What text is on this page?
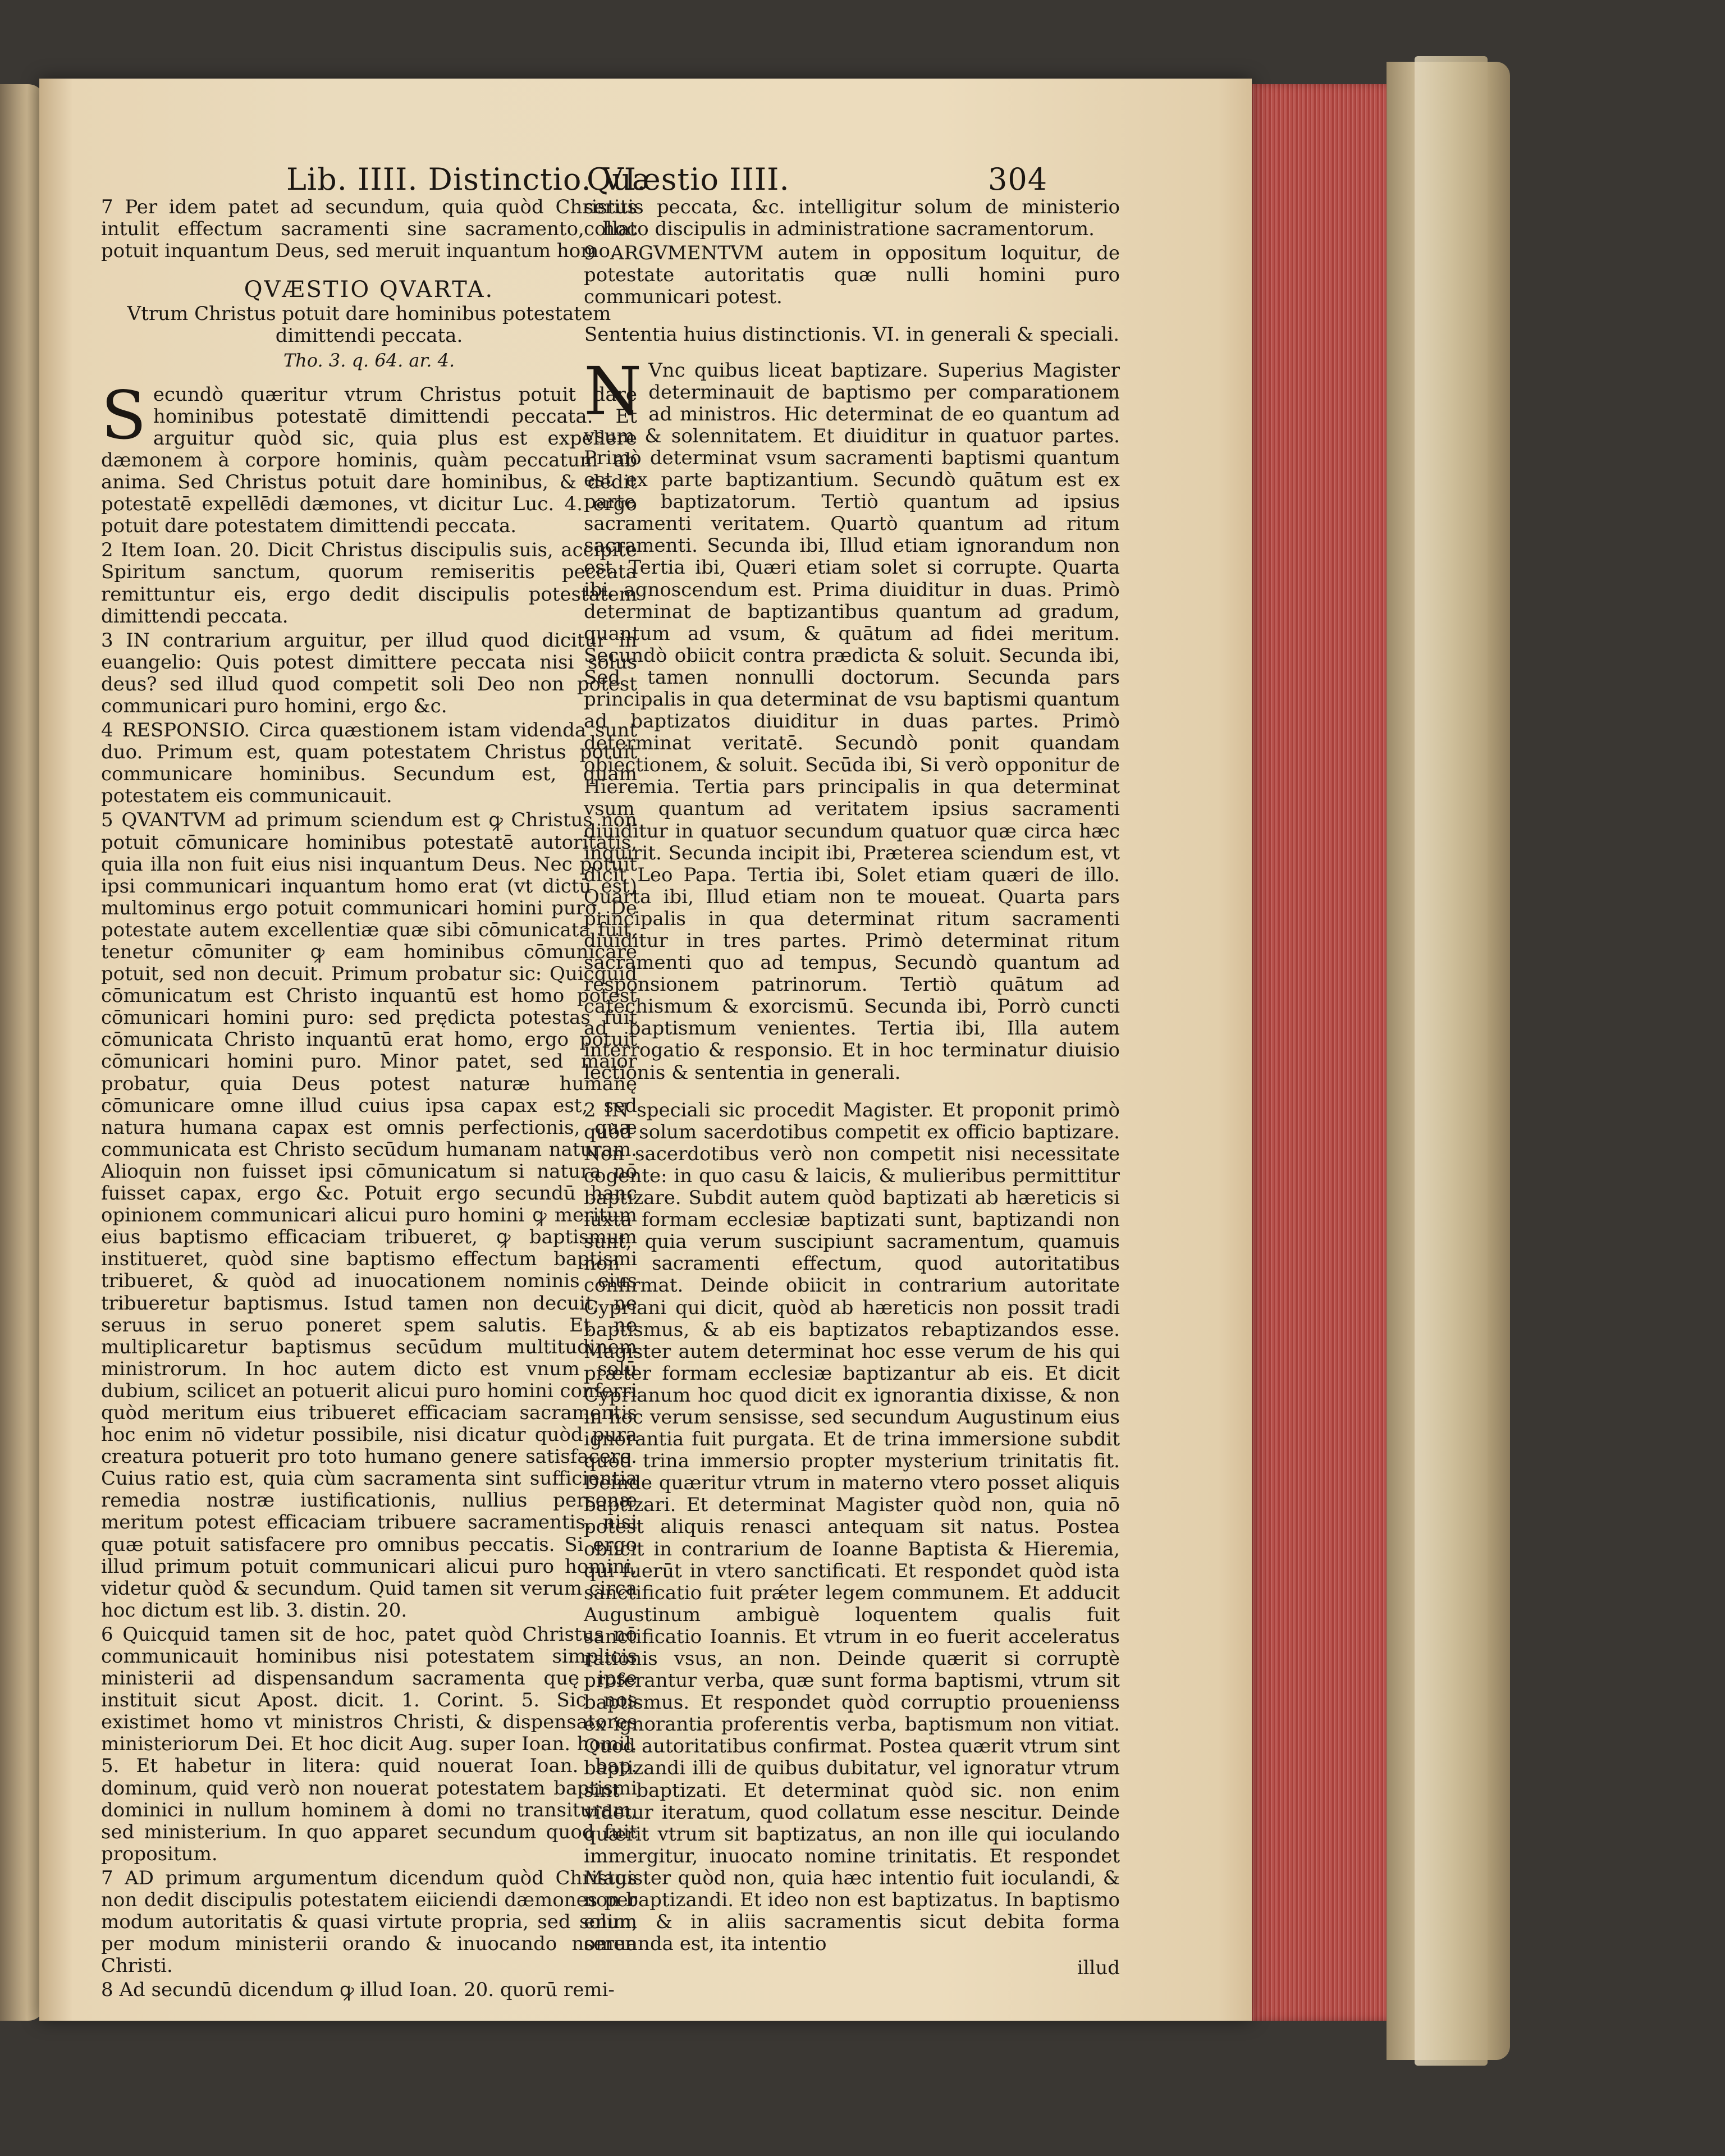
Lib. IIII. Distinctio. VI.
Quæstio IIII.	304

7 Per idem patet ad secundum, quia quòd Christus intulit effectum sacramenti sine sacramento, hoc potuit inquantum Deus, sed meruit inquantum homo.

QVÆSTIO QVARTA.

Vtrum Christus potuit dare hominibus potestatem dimittendi peccata.

Tho. 3. q. 64. ar. 4.

Secundò quæritur vtrum Christus potuit dare hominibus potestatē dimittendi peccata. Et arguitur quòd sic, quia plus est expellere dæmonem à corpore hominis, quàm peccatum ab anima. Sed Christus potuit dare hominibus, & dedit potestatē expellēdi dæmones, vt dicitur Luc. 4. ergo potuit dare potestatem dimittendi peccata.

2 Item Ioan. 20. Dicit Christus discipulis suis, accipite Spiritum sanctum, quorum remiseritis peccata remittuntur eis, ergo dedit discipulis potestatem dimittendi peccata.

3 IN contrarium arguitur, per illud quod dicitur in euangelio: Quis potest dimittere peccata nisi solus deus? sed illud quod competit soli Deo non potest communicari puro homini, ergo &c.

4 RESPONSIO. Circa quæstionem istam videnda sunt duo. Primum est, quam potestatem Christus potuit communicare hominibus. Secundum est, quam potestatem eis communicauit.

5 QVANTVM ad primum sciendum est ꝙ Christus non potuit cōmunicare hominibus potestatē autoritatis, quia illa non fuit eius nisi inquantum Deus. Nec potuit ipsi communicari inquantum homo erat (vt dictū est) multominus ergo potuit communicari homini puro. De potestate autem excellentiæ quæ sibi cōmunicata fuit, tenetur cōmuniter ꝙ eam hominibus cōmunicare potuit, sed non decuit. Primum probatur sic: Quicquid cōmunicatum est Christo inquantū est homo potest cōmunicari homini puro: sed prędicta potestas fuit cōmunicata Christo inquantū erat homo, ergo potuit cōmunicari homini puro. Minor patet, sed maior probatur, quia Deus potest naturæ humanę cōmunicare omne illud cuius ipsa capax est, sed natura humana capax est omnis perfectionis, quæ communicata est Christo secūdum humanam naturam. Alioquin non fuisset ipsi cōmunicatum si natura nō fuisset capax, ergo &c. Potuit ergo secundū hanc opinionem communicari alicui puro homini ꝙ meritum eius baptismo efficaciam tribueret, ꝙ baptismum institueret, quòd sine baptismo effectum baptismi tribueret, & quòd ad inuocationem nominis eius tribueretur baptismus. Istud tamen non decuit, ne seruus in seruo poneret spem salutis. Et ne multiplicaretur baptismus secūdum multitudinem ministrorum. In hoc autem dicto est vnum solū dubium, scilicet an potuerit alicui puro homini conferri quòd meritum eius tribueret efficaciam sacramentis hoc enim nō videtur possibile, nisi dicatur quòd pura creatura potuerit pro toto humano genere satisfacere. Cuius ratio est, quia cùm sacramenta sint sufficientia remedia nostræ iustificationis, nullius personæ meritum potest efficaciam tribuere sacramentis, nisi quæ potuit satisfacere pro omnibus peccatis. Si ergo illud primum potuit communicari alicui puro homini, videtur quòd & secundum. Quid tamen sit verum circa hoc dictum est lib. 3. distin. 20.

6 Quicquid tamen sit de hoc, patet quòd Christus nō communicauit hominibus nisi potestatem simplicis ministerii ad dispensandum sacramenta quę ipse instituit sicut Apost. dicit. 1. Corint. 5. Sic nos existimet homo vt ministros Christi, & dispensatores ministeriorum Dei. Et hoc dicit Aug. super Ioan. homil. 5. Et habetur in litera: quid nouerat Ioan. bap. dominum, quid verò non nouerat potestatem baptismi dominici in nullum hominem à domi no transituram, sed ministerium. In quo apparet secundum quod fuit propositum.

7 AD primum argumentum dicendum quòd Christus non dedit discipulis potestatem eiiciendi dæmones per modum autoritatis & quasi virtute propria, sed solum per modum ministerii orando & inuocando nomen Christi.

8 Ad secundū dicendum ꝙ illud Ioan. 20. quorū remi-

seritis peccata, &c. intelligitur solum de ministerio collato discipulis in administratione sacramentorum.

9 ARGVMENTVM autem in oppositum loquitur, de potestate autoritatis quæ nulli homini puro communicari potest.

Sententia huius distinctionis. VI. in generali & speciali.

N Vnc quibus liceat baptizare. Superius Magister determinauit de baptismo per comparationem ad ministros. Hic determinat de eo quantum ad vsum & solennitatem. Et diuiditur in quatuor partes. Primò determinat vsum sacramenti baptismi quantum est ex parte baptizantium. Secundò quātum est ex parte baptizatorum. Tertiò quantum ad ipsius sacramenti veritatem. Quartò quantum ad ritum sacramenti. Secunda ibi, Illud etiam ignorandum non est. Tertia ibi, Quæri etiam solet si corrupte. Quarta ibi, agnoscendum est. Prima diuiditur in duas. Primò determinat de baptizantibus quantum ad gradum, quantum ad vsum, & quātum ad fidei meritum. Secundò obiicit contra prædicta & soluit. Secunda ibi, Sed tamen nonnulli doctorum. Secunda pars principalis in qua determinat de vsu baptismi quantum ad baptizatos diuiditur in duas partes. Primò determinat veritatē. Secundò ponit quandam obiectionem, & soluit. Secūda ibi, Si verò opponitur de Hieremia. Tertia pars principalis in qua determinat vsum quantum ad veritatem ipsius sacramenti diuiditur in quatuor secundum quatuor quæ circa hæc inquirit. Secunda incipit ibi, Præterea sciendum est, vt dicit Leo Papa. Tertia ibi, Solet etiam quæri de illo. Quarta ibi, Illud etiam non te moueat. Quarta pars principalis in qua determinat ritum sacramenti diuiditur in tres partes. Primò determinat ritum sacramenti quo ad tempus, Secundò quantum ad responsionem patrinorum. Tertiò quātum ad catechismum & exorcismū. Secunda ibi, Porrò cuncti ad baptismum venientes. Tertia ibi, Illa autem interrogatio & responsio. Et in hoc terminatur diuisio lectionis & sententia in generali.

2 IN speciali sic procedit Magister. Et proponit primò quòd solum sacerdotibus competit ex officio baptizare. Non sacerdotibus verò non competit nisi necessitate cogente: in quo casu & laicis, & mulieribus permittitur baptizare. Subdit autem quòd baptizati ab hæreticis si iuxta formam ecclesiæ baptizati sunt, baptizandi non sunt, quia verum suscipiunt sacramentum, quamuis non sacramenti effectum, quod autoritatibus confirmat. Deinde obiicit in contrarium autoritate Cypriani qui dicit, quòd ab hæreticis non possit tradi baptismus, & ab eis baptizatos rebaptizandos esse. Magister autem determinat hoc esse verum de his qui præter formam ecclesiæ baptizantur ab eis. Et dicit Cyprianum hoc quod dicit ex ignorantia dixisse, & non in hoc verum sensisse, sed secundum Augustinum eius ignorantia fuit purgata. Et de trina immersione subdit quòd trina immersio propter mysterium trinitatis fit. Deinde quæritur vtrum in materno vtero posset aliquis baptizari. Et determinat Magister quòd non, quia nō potest aliquis renasci antequam sit natus. Postea obiicit in contrarium de Ioanne Baptista & Hieremia, qui fuerūt in vtero sanctificati. Et respondet quòd ista sanctificatio fuit prǽter legem communem. Et adducit Augustinum ambiguè loquentem qualis fuit sanctificatio Ioannis. Et vtrum in eo fuerit acceleratus rationis vsus, an non. Deinde quærit si corruptè proferantur verba, quæ sunt forma baptismi, vtrum sit baptismus. Et respondet quòd corruptio prouenienss ex ignorantia proferentis verba, baptismum non vitiat. Quod autoritatibus confirmat. Postea quærit vtrum sint baptizandi illi de quibus dubitatur, vel ignoratur vtrum sint baptizati. Et determinat quòd sic. non enim videtur iteratum, quod collatum esse nescitur. Deinde quærit vtrum sit baptizatus, an non ille qui ioculando immergitur, inuocato nomine trinitatis. Et respondet Magister quòd non, quia hæc intentio fuit ioculandi, & non baptizandi. Et ideo non est baptizatus. In baptismo enim, & in aliis sacramentis sicut debita forma seruanda est, ita intentio

illud
